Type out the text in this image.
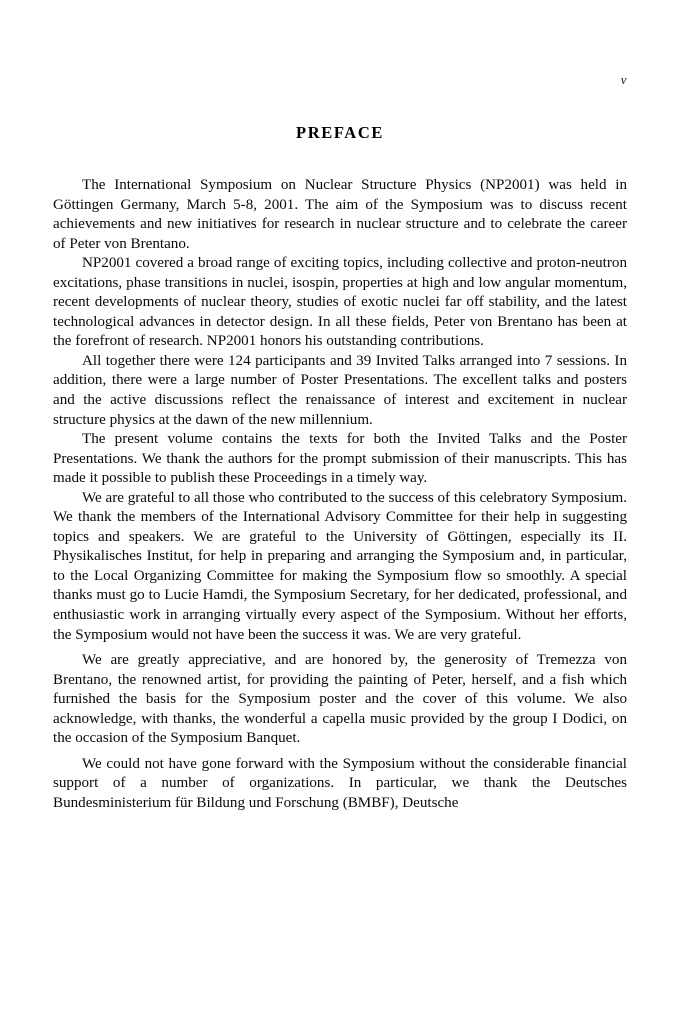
v
PREFACE

The International Symposium on Nuclear Structure Physics (NP2001) was held in Göttingen Germany, March 5-8, 2001. The aim of the Symposium was to discuss recent achievements and new initiatives for research in nuclear structure and to celebrate the career of Peter von Brentano.

NP2001 covered a broad range of exciting topics, including collective and proton-neutron excitations, phase transitions in nuclei, isospin, properties at high and low angular momentum, recent developments of nuclear theory, studies of exotic nuclei far off stability, and the latest technological advances in detector design. In all these fields, Peter von Brentano has been at the forefront of research. NP2001 honors his outstanding contributions.

All together there were 124 participants and 39 Invited Talks arranged into 7 sessions. In addition, there were a large number of Poster Presentations. The excellent talks and posters and the active discussions reflect the renaissance of interest and excitement in nuclear structure physics at the dawn of the new millennium.

The present volume contains the texts for both the Invited Talks and the Poster Presentations. We thank the authors for the prompt submission of their manuscripts. This has made it possible to publish these Proceedings in a timely way.

We are grateful to all those who contributed to the success of this celebratory Symposium. We thank the members of the International Advisory Committee for their help in suggesting topics and speakers. We are grateful to the University of Göttingen, especially its II. Physikalisches Institut, for help in preparing and arranging the Symposium and, in particular, to the Local Organizing Committee for making the Symposium flow so smoothly. A special thanks must go to Lucie Hamdi, the Symposium Secretary, for her dedicated, professional, and enthusiastic work in arranging virtually every aspect of the Symposium. Without her efforts, the Symposium would not have been the success it was. We are very grateful.

We are greatly appreciative, and are honored by, the generosity of Tremezza von Brentano, the renowned artist, for providing the painting of Peter, herself, and a fish which furnished the basis for the Symposium poster and the cover of this volume. We also acknowledge, with thanks, the wonderful a capella music provided by the group I Dodici, on the occasion of the Symposium Banquet.

We could not have gone forward with the Symposium without the considerable financial support of a number of organizations. In particular, we thank the Deutsches Bundesministerium für Bildung und Forschung (BMBF), Deutsche
